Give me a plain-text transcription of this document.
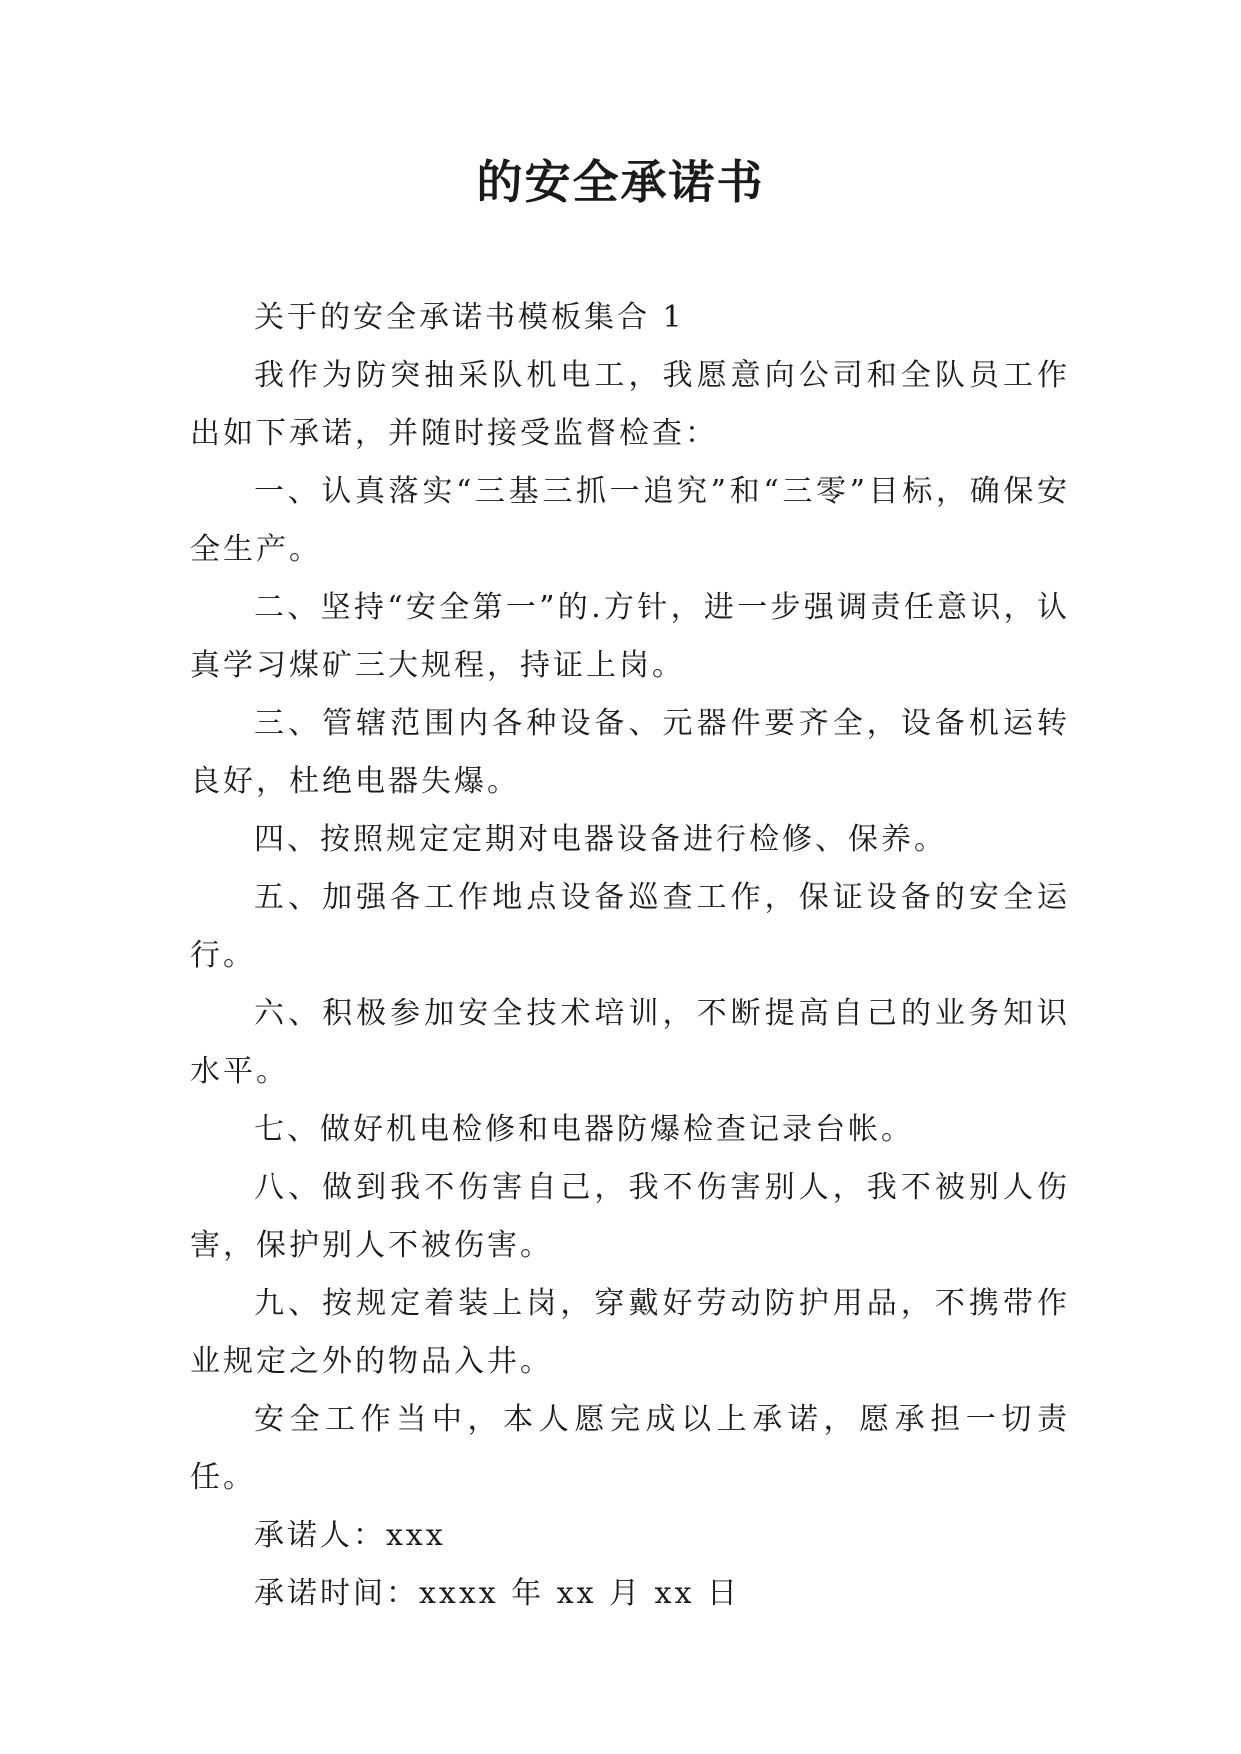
的安全承诺书

关于的安全承诺书模板集合 1

我作为防突抽采队机电工，我愿意向公司和全队员工作出如下承诺，并随时接受监督检查：

一、认真落实“三基三抓一追究”和“三零”目标，确保安全生产。

二、坚持“安全第一”的.方针，进一步强调责任意识，认真学习煤矿三大规程，持证上岗。

三、管辖范围内各种设备、元器件要齐全，设备机运转良好，杜绝电器失爆。

四、按照规定定期对电器设备进行检修、保养。

五、加强各工作地点设备巡查工作，保证设备的安全运行。

六、积极参加安全技术培训，不断提高自己的业务知识水平。

七、做好机电检修和电器防爆检查记录台帐。

八、做到我不伤害自己，我不伤害别人，我不被别人伤害，保护别人不被伤害。

九、按规定着装上岗，穿戴好劳动防护用品，不携带作业规定之外的物品入井。

安全工作当中，本人愿完成以上承诺，愿承担一切责任。

承诺人：xxx

承诺时间：xxxx 年 xx 月 xx 日
